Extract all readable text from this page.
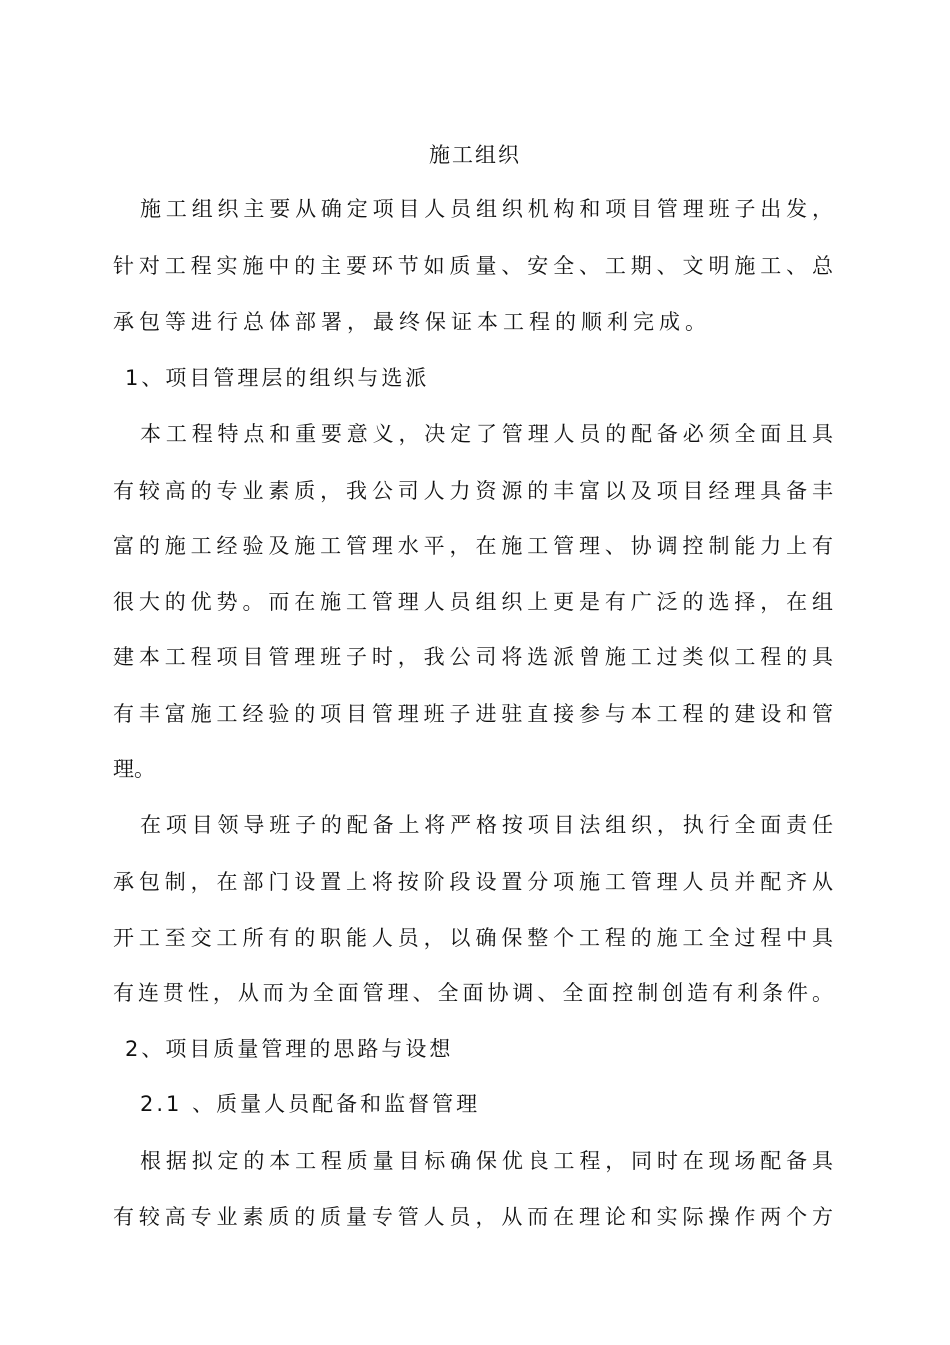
施工组织
施工组织主要从确定项目人员组织机构和项目管理班子出发，
针对工程实施中的主要环节如质量、安全、工期、文明施工、总
承包等进行总体部署，最终保证本工程的顺利完成。
1、项目管理层的组织与选派
本工程特点和重要意义，决定了管理人员的配备必须全面且具
有较高的专业素质，我公司人力资源的丰富以及项目经理具备丰
富的施工经验及施工管理水平，在施工管理、协调控制能力上有
很大的优势。而在施工管理人员组织上更是有广泛的选择，在组
建本工程项目管理班子时，我公司将选派曾施工过类似工程的具
有丰富施工经验的项目管理班子进驻直接参与本工程的建设和管
理。
在项目领导班子的配备上将严格按项目法组织，执行全面责任
承包制，在部门设置上将按阶段设置分项施工管理人员并配齐从
开工至交工所有的职能人员，以确保整个工程的施工全过程中具
有连贯性，从而为全面管理、全面协调、全面控制创造有利条件。
2、项目质量管理的思路与设想
2.1 、质量人员配备和监督管理
根据拟定的本工程质量目标确保优良工程，同时在现场配备具
有较高专业素质的质量专管人员，从而在理论和实际操作两个方
